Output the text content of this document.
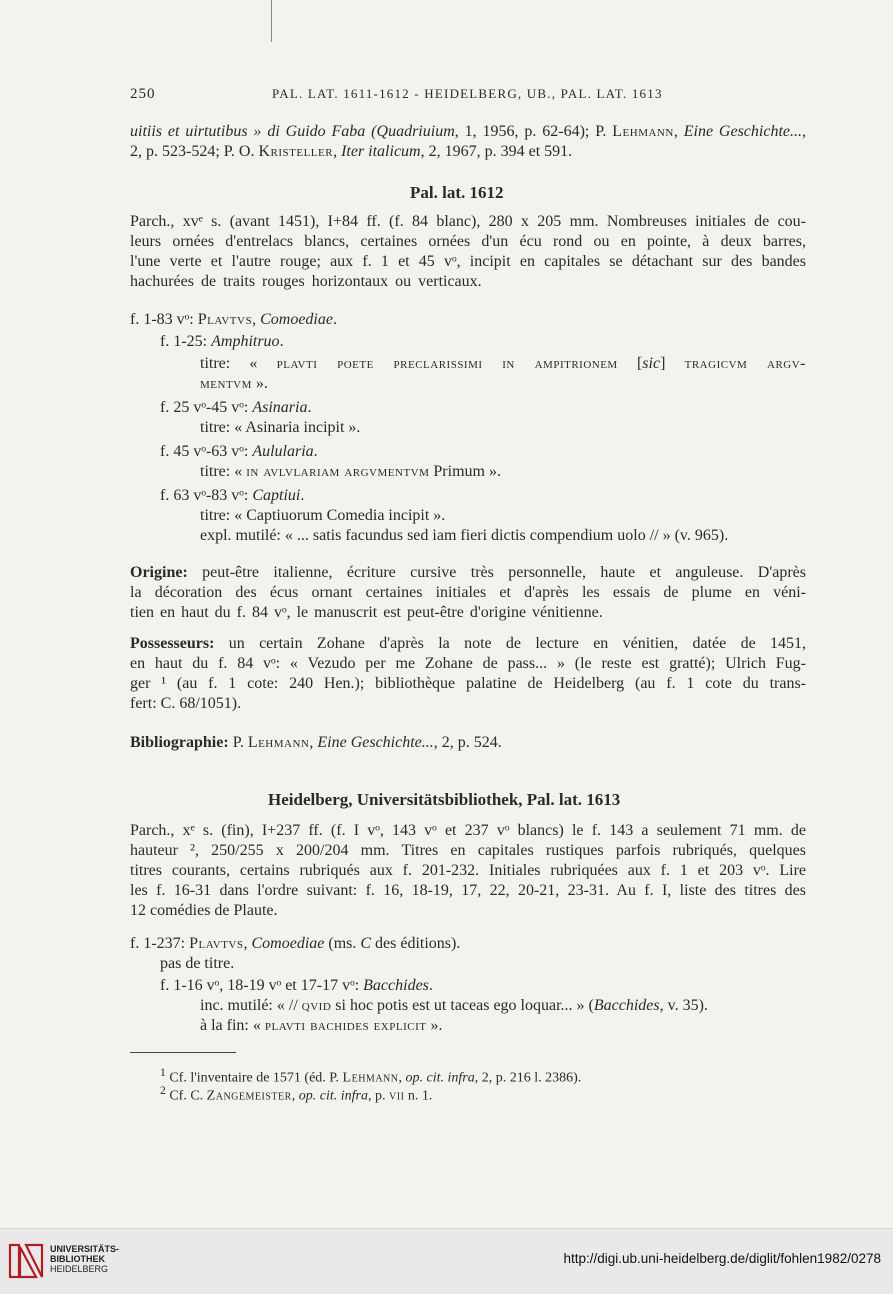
250	PAL. LAT. 1611-1612 - HEIDELBERG, UB., PAL. LAT. 1613
uitiis et uirtutibus » di Guido Faba (Quadriuium, 1, 1956, p. 62-64); P. Lehmann, Eine Geschichte...,
2, p. 523-524; P. O. Kristeller, Iter italicum, 2, 1967, p. 394 et 591.
Pal. lat. 1612
Parch., xvᵉ s. (avant 1451), I+84 ff. (f. 84 blanc), 280 x 205 mm. Nombreuses initiales de cou-
leurs ornées d'entrelacs blancs, certaines ornées d'un écu rond ou en pointe, à deux barres,
l'une verte et l'autre rouge; aux f. 1 et 45 vᵒ, incipit en capitales se détachant sur des bandes
hachurées de traits rouges horizontaux ou verticaux.
f. 1-83 vᵒ: Plavtvs, Comoediae.
f. 1-25: Amphitruo.
titre: « plavti poete preclarissimi in ampitrionem [sic] tragicvm argv-
mentvm ».
f. 25 vᵒ-45 vᵒ: Asinaria.
titre: « Asinaria incipit ».
f. 45 vᵒ-63 vᵒ: Aulularia.
titre: « in avlvlariam argvmentvm Primum ».
f. 63 vᵒ-83 vᵒ: Captiui.
titre: « Captiuorum Comedia incipit ».
expl. mutilé: « ... satis facundus sed iam fieri dictis compendium uolo // » (v. 965).
Origine: peut-être italienne, écriture cursive très personnelle, haute et anguleuse. D'après
la décoration des écus ornant certaines initiales et d'après les essais de plume en véni-
tien en haut du f. 84 vᵒ, le manuscrit est peut-être d'origine vénitienne.
Possesseurs: un certain Zohane d'après la note de lecture en vénitien, datée de 1451,
en haut du f. 84 vᵒ: « Vezudo per me Zohane de pass... » (le reste est gratté); Ulrich Fug-
ger ¹ (au f. 1 cote: 240 Hen.); bibliothèque palatine de Heidelberg (au f. 1 cote du trans-
fert: C. 68/1051).
Bibliographie: P. Lehmann, Eine Geschichte..., 2, p. 524.
Heidelberg, Universitätsbibliothek, Pal. lat. 1613
Parch., xᵉ s. (fin), I+237 ff. (f. I vᵒ, 143 vᵒ et 237 vᵒ blancs) le f. 143 a seulement 71 mm. de
hauteur ², 250/255 x 200/204 mm. Titres en capitales rustiques parfois rubriqués, quelques
titres courants, certains rubriqués aux f. 201-232. Initiales rubriquées aux f. 1 et 203 vᵒ. Lire
les f. 16-31 dans l'ordre suivant: f. 16, 18-19, 17, 22, 20-21, 23-31. Au f. I, liste des titres des
12 comédies de Plaute.
f. 1-237: Plavtvs, Comoediae (ms. C des éditions).
pas de titre.
f. 1-16 vᵒ, 18-19 vᵒ et 17-17 vᵒ: Bacchides.
inc. mutilé: « // qvid si hoc potis est ut taceas ego loquar... » (Bacchides, v. 35).
à la fin: « plavti bachides explicit ».
$^1$ Cf. l'inventaire de 1571 (éd. P. Lehmann, op. cit. infra, 2, p. 216 l. 2386).
$^2$ Cf. C. Zangemeister, op. cit. infra, p. vii n. 1.
UNIVERSITÄTS-
BIBLIOTHEK
HEIDELBERG
http://digi.ub.uni-heidelberg.de/diglit/fohlen1982/0278
